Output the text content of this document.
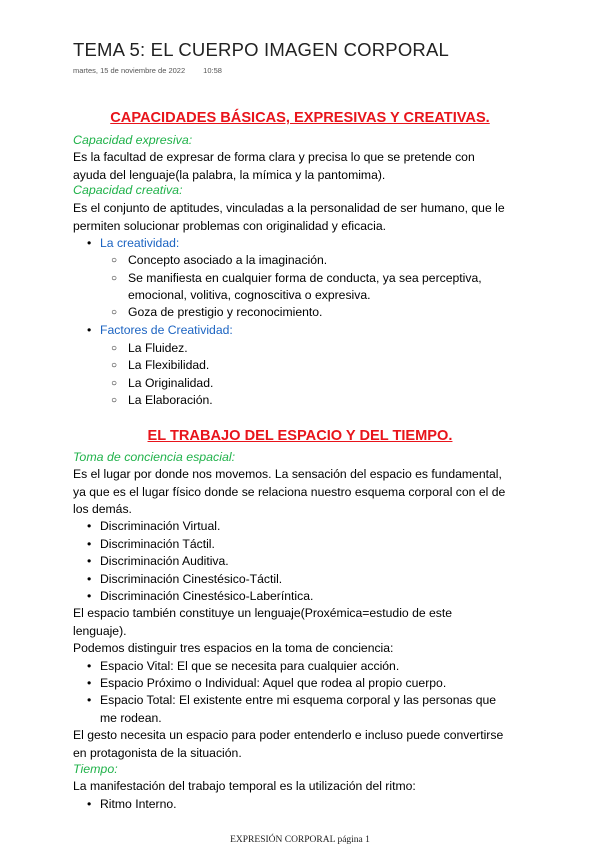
TEMA 5: EL CUERPO IMAGEN CORPORAL
martes, 15 de noviembre de 2022 10:58
CAPACIDADES BÁSICAS, EXPRESIVAS Y CREATIVAS.
Capacidad expresiva:
Es la facultad de expresar de forma clara y precisa lo que se pretende con
ayuda del lenguaje(la palabra, la mímica y la pantomima).
Capacidad creativa:
Es el conjunto de aptitudes, vinculadas a la personalidad de ser humano, que le
permiten solucionar problemas con originalidad y eficacia.
• La creatividad:
○ Concepto asociado a la imaginación.
○ Se manifiesta en cualquier forma de conducta, ya sea perceptiva,
emocional, volitiva, cognoscitiva o expresiva.
○ Goza de prestigio y reconocimiento.
• Factores de Creatividad:
○ La Fluidez.
○ La Flexibilidad.
○ La Originalidad.
○ La Elaboración.
EL TRABAJO DEL ESPACIO Y DEL TIEMPO.
Toma de conciencia espacial:
Es el lugar por donde nos movemos. La sensación del espacio es fundamental,
ya que es el lugar físico donde se relaciona nuestro esquema corporal con el de
los demás.
• Discriminación Virtual.
• Discriminación Táctil.
• Discriminación Auditiva.
• Discriminación Cinestésico-Táctil.
• Discriminación Cinestésico-Laberíntica.
El espacio también constituye un lenguaje(Proxémica=estudio de este
lenguaje).
Podemos distinguir tres espacios en la toma de conciencia:
• Espacio Vital: El que se necesita para cualquier acción.
• Espacio Próximo o Individual: Aquel que rodea al propio cuerpo.
• Espacio Total: El existente entre mi esquema corporal y las personas que
me rodean.
El gesto necesita un espacio para poder entenderlo e incluso puede convertirse
en protagonista de la situación.
Tiempo:
La manifestación del trabajo temporal es la utilización del ritmo:
• Ritmo Interno.
EXPRESIÓN CORPORAL página 1
